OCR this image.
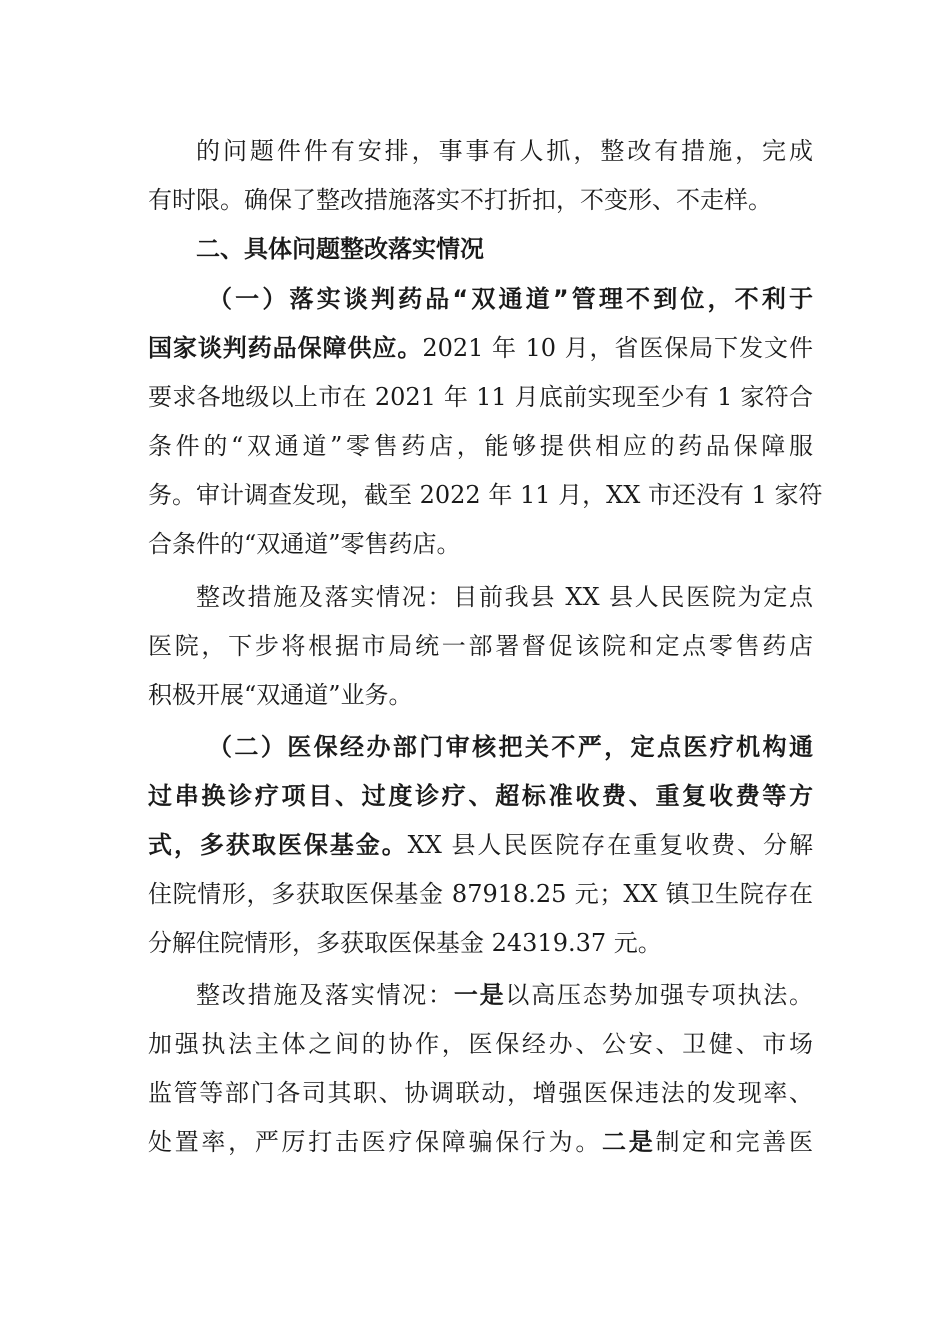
的问题件件有安排，事事有人抓，整改有措施，完成
有时限。确保了整改措施落实不打折扣，不变形、不走样。
二、具体问题整改落实情况
（一）落实谈判药品“双通道”管理不到位，不利于
国家谈判药品保障供应。2021 年 10 月，省医保局下发文件
要求各地级以上市在 2021 年 11 月底前实现至少有 1 家符合
条件的“双通道”零售药店，能够提供相应的药品保障服
务。审计调查发现，截至 2022 年 11 月，XX 市还没有 1 家符
合条件的“双通道”零售药店。
整改措施及落实情况：目前我县 XX 县人民医院为定点
医院，下步将根据市局统一部署督促该院和定点零售药店
积极开展“双通道”业务。
（二）医保经办部门审核把关不严，定点医疗机构通
过串换诊疗项目、过度诊疗、超标准收费、重复收费等方
式，多获取医保基金。XX 县人民医院存在重复收费、分解
住院情形，多获取医保基金 87918.25 元；XX 镇卫生院存在
分解住院情形，多获取医保基金 24319.37 元。
整改措施及落实情况：一是以高压态势加强专项执法。
加强执法主体之间的协作，医保经办、公安、卫健、市场
监管等部门各司其职、协调联动，增强医保违法的发现率、
处置率，严厉打击医疗保障骗保行为。二是制定和完善医
